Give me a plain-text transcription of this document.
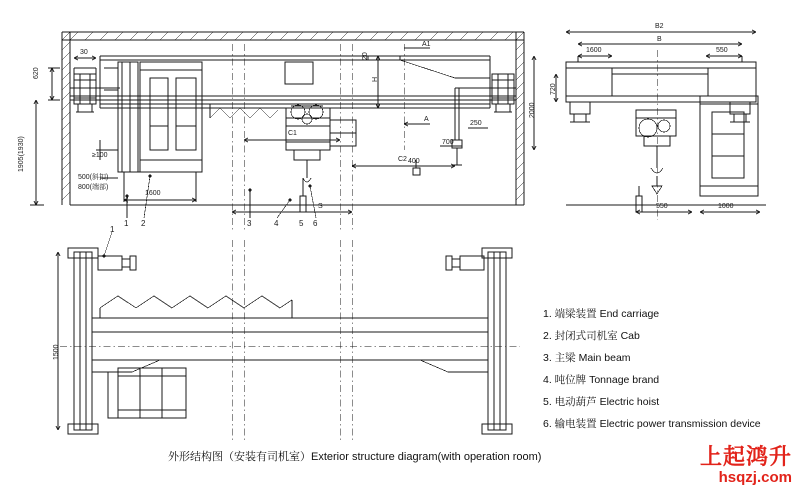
30
620
1905(1930)	≥100
500(斜扣)
800(端部)
1600
S
C1
C2
A1
A
H
20
700
250
2000
400
B2
B
1600	550
720
550	1000
1500
1 2	3	4	5 6
1
1. 端梁装置 End carriage
2. 封闭式司机室 Cab
3. 主梁 Main beam
4. 吨位牌 Tonnage brand
5. 电动葫芦 Electric hoist
6. 输电装置 Electric power transmission device
外形结构图（安装有司机室）Exterior structure diagram(with operation room)	上起鸿升
hsqzj.com
